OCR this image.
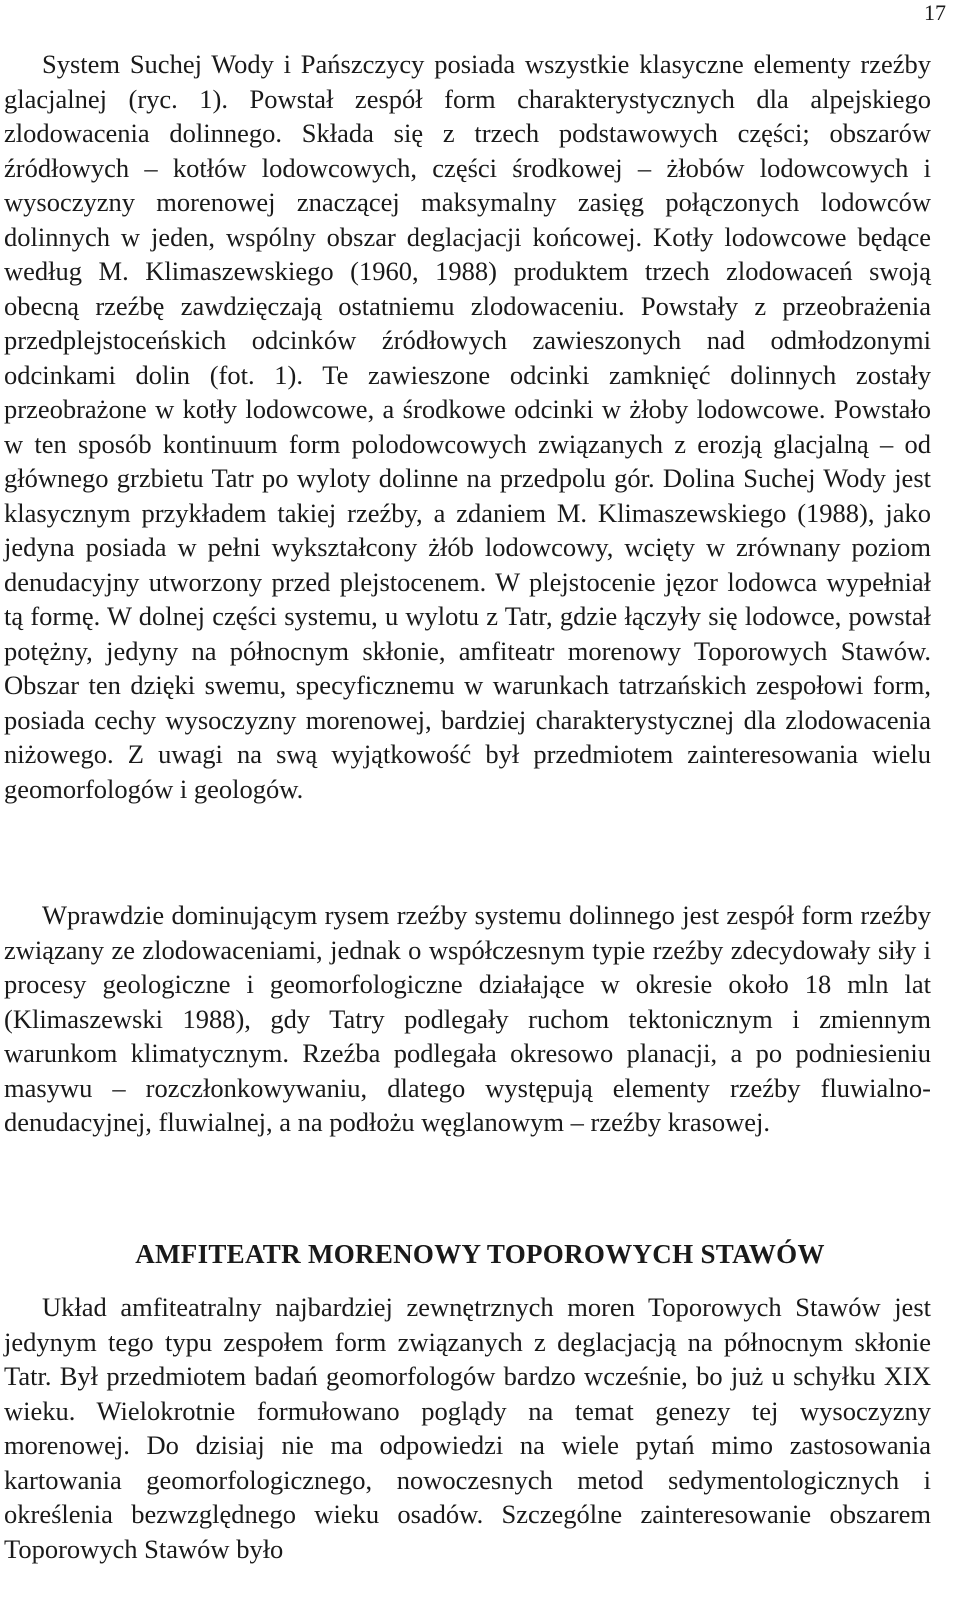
17

System Suchej Wody i Pańszczycy posiada wszystkie klasyczne elementy rzeźby glacjalnej (ryc. 1). Powstał zespół form charakterystycznych dla alpejskiego zlodowacenia dolinnego. Składa się z trzech podstawowych części; obszarów źródłowych – kotłów lodowcowych, części środkowej – żłobów lodowcowych i wysoczyzny morenowej znaczącej maksymalny zasięg połączonych lodowców dolinnych w jeden, wspólny obszar deglacjacji końcowej. Kotły lodowcowe będące według M. Klimaszewskiego (1960, 1988) produktem trzech zlodowaceń swoją obecną rzeźbę zawdzięczają ostatniemu zlodowaceniu. Powstały z przeobrażenia przedplejstoceńskich odcinków źródłowych zawieszonych nad odmłodzonymi odcinkami dolin (fot. 1). Te zawieszone odcinki zamknięć dolinnych zostały przeobrażone w kotły lodowcowe, a środkowe odcinki w żłoby lodowcowe. Powstało w ten sposób kontinuum form polodowcowych związanych z erozją glacjalną – od głównego grzbietu Tatr po wyloty dolinne na przedpolu gór. Dolina Suchej Wody jest klasycznym przykładem takiej rzeźby, a zdaniem M. Klimaszewskiego (1988), jako jedyna posiada w pełni wykształcony żłób lodowcowy, wcięty w zrównany poziom denudacyjny utworzony przed plejstocenem. W plejstocenie jęzor lodowca wypełniał tą formę. W dolnej części systemu, u wylotu z Tatr, gdzie łączyły się lodowce, powstał potężny, jedyny na północnym skłonie, amfiteatr morenowy Toporowych Stawów. Obszar ten dzięki swemu, specyficznemu w warunkach tatrzańskich zespołowi form, posiada cechy wysoczyzny morenowej, bardziej charakterystycznej dla zlodowacenia niżowego. Z uwagi na swą wyjątkowość był przedmiotem zainteresowania wielu geomorfologów i geologów.

Wprawdzie dominującym rysem rzeźby systemu dolinnego jest zespół form rzeźby związany ze zlodowaceniami, jednak o współczesnym typie rzeźby zdecydowały siły i procesy geologiczne i geomorfologiczne działające w okresie około 18 mln lat (Klimaszewski 1988), gdy Tatry podlegały ruchom tektonicznym i zmiennym warunkom klimatycznym. Rzeźba podlegała okresowo planacji, a po podniesieniu masywu – rozczłonkowywaniu, dlatego występują elementy rzeźby fluwialno-denudacyjnej, fluwialnej, a na podłożu węglanowym – rzeźby krasowej.

AMFITEATR MORENOWY TOPOROWYCH STAWÓW

Układ amfiteatralny najbardziej zewnętrznych moren Toporowych Stawów jest jedynym tego typu zespołem form związanych z deglacjacją na północnym skłonie Tatr. Był przedmiotem badań geomorfologów bardzo wcześnie, bo już u schyłku XIX wieku. Wielokrotnie formułowano poglądy na temat genezy tej wysoczyzny morenowej. Do dzisiaj nie ma odpowiedzi na wiele pytań mimo zastosowania kartowania geomorfologicznego, nowoczesnych metod sedymentologicznych i określenia bezwzględnego wieku osadów. Szczególne zainteresowanie obszarem Toporowych Stawów było
